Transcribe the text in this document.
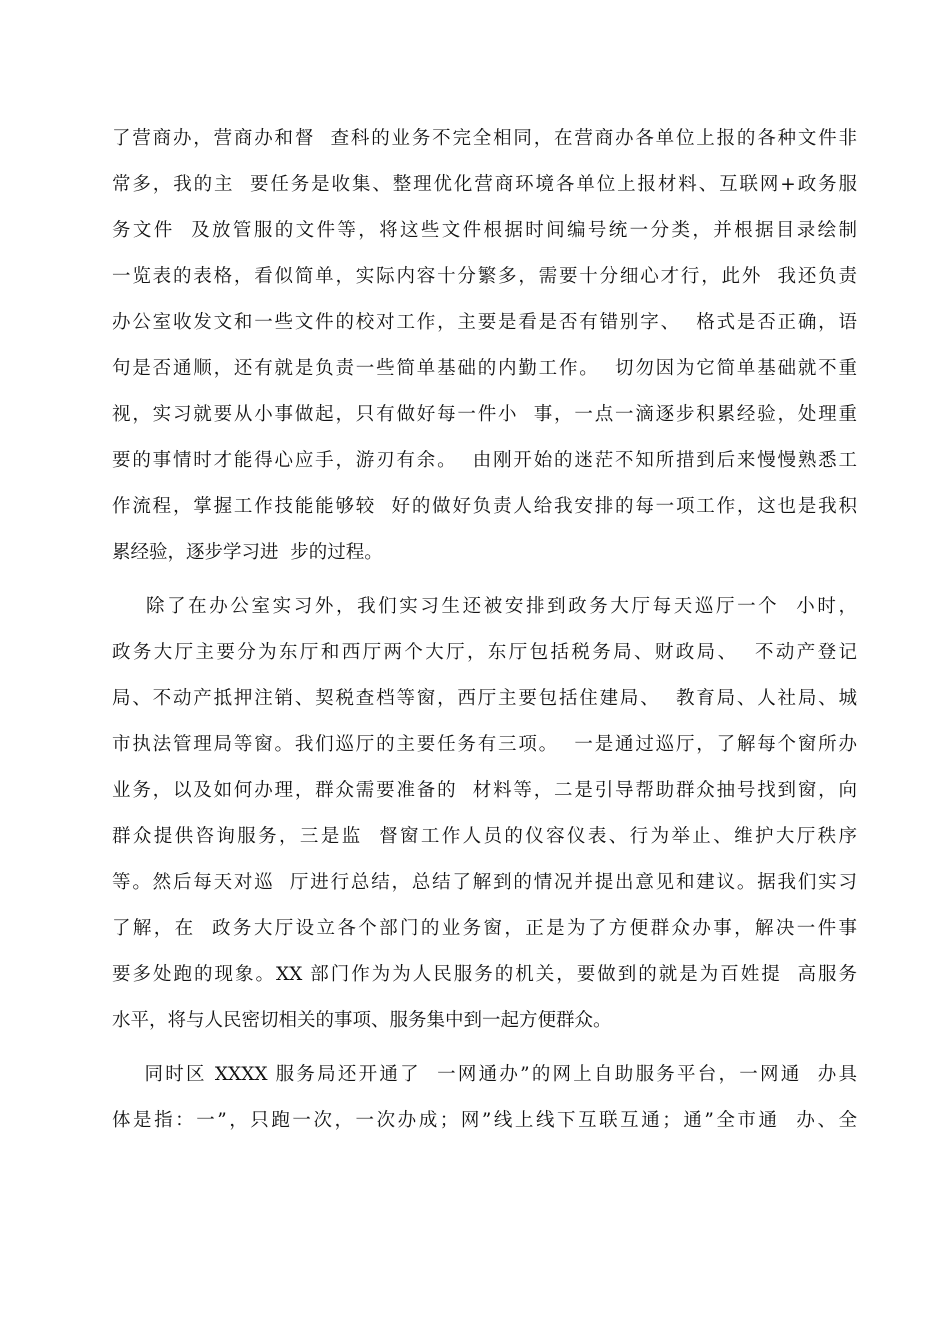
了营商办，营商办和督  查科的业务不完全相同，在营商办各单位上报的各种文件非
常多，我的主  要任务是收集、整理优化营商环境各单位上报材料、互联网+政务服
务文件  及放管服的文件等，将这些文件根据时间编号统一分类，并根据目录绘制
一览表的表格，看似简单，实际内容十分繁多，需要十分细心才行，此外  我还负责
办公室收发文和一些文件的校对工作，主要是看是否有错别字、  格式是否正确，语
句是否通顺，还有就是负责一些简单基础的内勤工作。  切勿因为它简单基础就不重
视，实习就要从小事做起，只有做好每一件小  事，一点一滴逐步积累经验，处理重
要的事情时才能得心应手，游刃有余。  由刚开始的迷茫不知所措到后来慢慢熟悉工
作流程，掌握工作技能能够较  好的做好负责人给我安排的每一项工作，这也是我积
累经验，逐步学习进  步的过程。
除了在办公室实习外，我们实习生还被安排到政务大厅每天巡厅一个  小时，
政务大厅主要分为东厅和西厅两个大厅，东厅包括税务局、财政局、  不动产登记
局、不动产抵押注销、契税查档等窗，西厅主要包括住建局、  教育局、人社局、城
市执法管理局等窗。我们巡厅的主要任务有三项。  一是通过巡厅，了解每个窗所办
业务，以及如何办理，群众需要准备的  材料等，二是引导帮助群众抽号找到窗，向
群众提供咨询服务，三是监  督窗工作人员的仪容仪表、行为举止、维护大厅秩序
等。然后每天对巡  厅进行总结，总结了解到的情况并提出意见和建议。据我们实习
了解，在  政务大厅设立各个部门的业务窗，正是为了方便群众办事，解决一件事
要多处跑的现象。XX 部门作为为人民服务的机关，要做到的就是为百姓提  高服务
水平，将与人民密切相关的事项、服务集中到一起方便群众。
同时区 XXXX 服务局还开通了  一网通办”的网上自助服务平台，一网通  办具
体是指：一”，只跑一次，一次办成；网”线上线下互联互通；通”全市通  办、全
